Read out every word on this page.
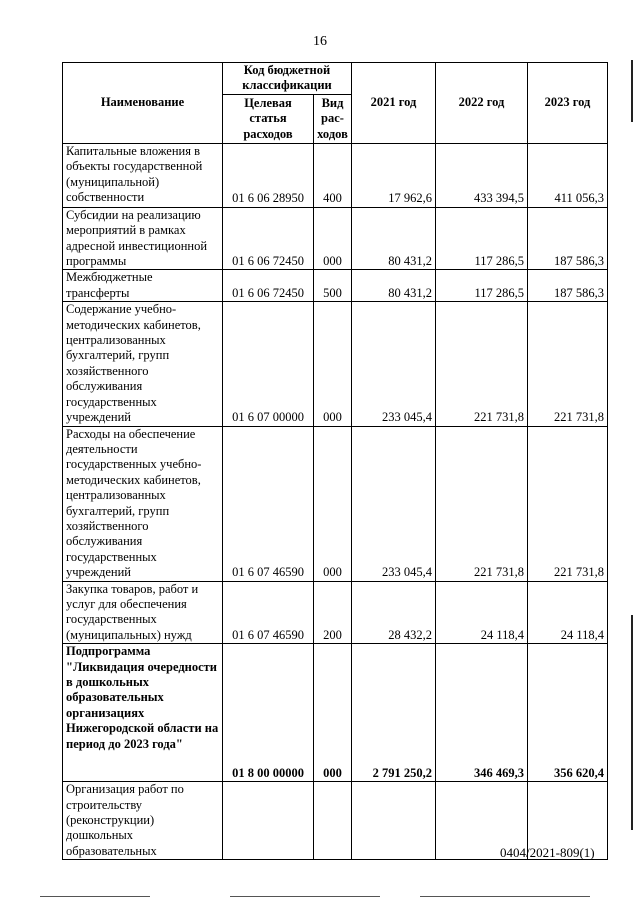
16
Наименование	Код бюджетной классификации		2021 год	2022 год	2023 год
	Целевая статья расходов	Вид рас-ходов			
Капитальные вложения в объекты государственной (муниципальной) собственности	01 6 06 28950	400	17 962,6	433 394,5	411 056,3
Субсидии на реализацию мероприятий в рамках адресной инвестиционной программы	01 6 06 72450	000	80 431,2	117 286,5	187 586,3
Межбюджетные трансферты	01 6 06 72450	500	80 431,2	117 286,5	187 586,3
Содержание учебно-методических кабинетов, централизованных бухгалтерий, групп хозяйственного обслуживания государственных учреждений	01 6 07 00000	000	233 045,4	221 731,8	221 731,8
Расходы на обеспечение деятельности государственных учебно-методических кабинетов, централизованных бухгалтерий, групп хозяйственного обслуживания государственных учреждений	01 6 07 46590	000	233 045,4	221 731,8	221 731,8
Закупка товаров, работ и услуг для обеспечения государственных (муниципальных) нужд	01 6 07 46590	200	28 432,2	24 118,4	24 118,4
Подпрограмма "Ликвидация очередности в дошкольных образовательных организациях Нижегородской области на период до 2023 года"	01 8 00 00000	000	2 791 250,2	346 469,3	356 620,4
Организация работ по строительству (реконструкции) дошкольных образовательных						0404/2021-809(1)
